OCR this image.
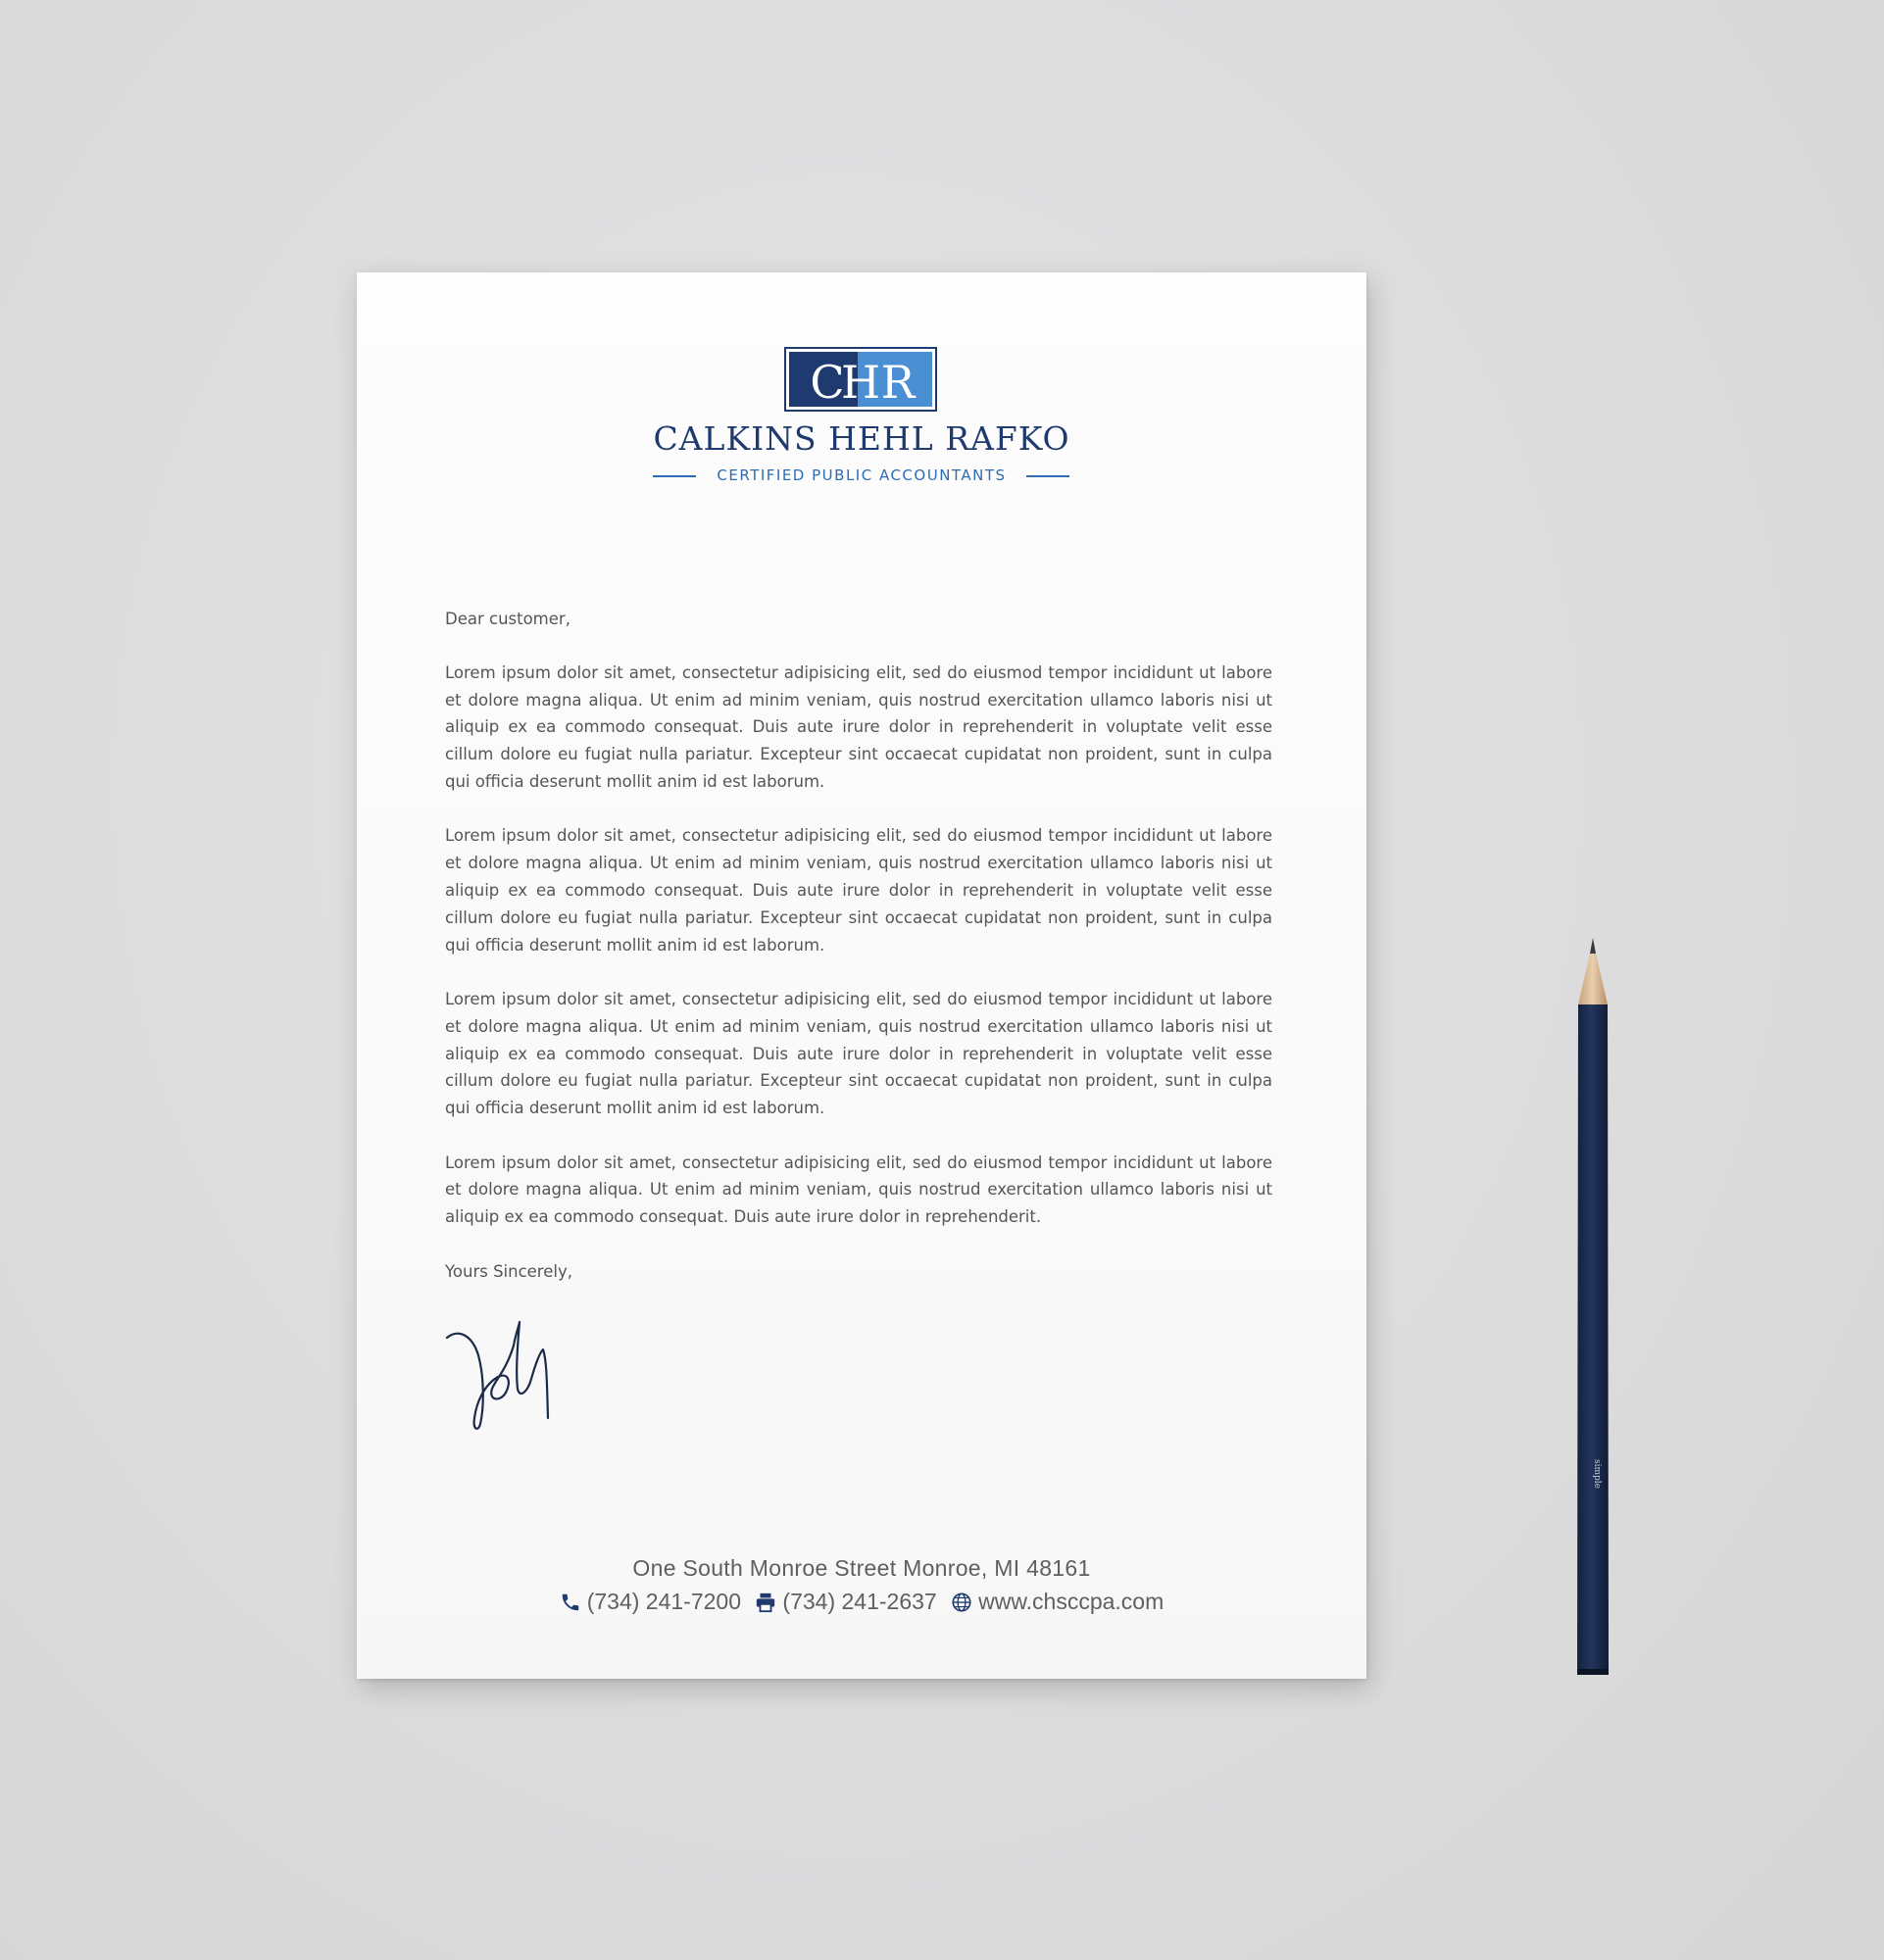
C
H R
CALKINS HEHL RAFKO
CERTIFIED PUBLIC ACCOUNTANTS

Dear customer,

Lorem ipsum dolor sit amet, consectetur adipisicing elit, sed do eiusmod tempor incididunt ut labore et dolore magna aliqua. Ut enim ad minim veniam, quis nostrud exercitation ullamco laboris nisi ut aliquip ex ea commodo consequat. Duis aute irure dolor in reprehenderit in voluptate velit esse cillum dolore eu fugiat nulla pariatur. Excepteur sint occaecat cupidatat non proident, sunt in culpa qui officia deserunt mollit anim id est laborum.

Lorem ipsum dolor sit amet, consectetur adipisicing elit, sed do eiusmod tempor incididunt ut labore et dolore magna aliqua. Ut enim ad minim veniam, quis nostrud exercitation ullamco laboris nisi ut aliquip ex ea commodo consequat. Duis aute irure dolor in reprehenderit in voluptate velit esse cillum dolore eu fugiat nulla pariatur. Excepteur sint occaecat cupidatat non proident, sunt in culpa qui officia deserunt mollit anim id est laborum.

Lorem ipsum dolor sit amet, consectetur adipisicing elit, sed do eiusmod tempor incididunt ut labore et dolore magna aliqua. Ut enim ad minim veniam, quis nostrud exercitation ullamco laboris nisi ut aliquip ex ea commodo consequat. Duis aute irure dolor in reprehenderit in voluptate velit esse cillum dolore eu fugiat nulla pariatur. Excepteur sint occaecat cupidatat non proident, sunt in culpa qui officia deserunt mollit anim id est laborum.

Lorem ipsum dolor sit amet, consectetur adipisicing elit, sed do eiusmod tempor incididunt ut labore et dolore magna aliqua. Ut enim ad minim veniam, quis nostrud exercitation ullamco laboris nisi ut aliquip ex ea commodo consequat. Duis aute irure dolor in reprehenderit.

Yours Sincerely,

One South Monroe Street Monroe, MI 48161
(734) 241-7200
(734) 241-2637
www.chsccpa.com
simple
